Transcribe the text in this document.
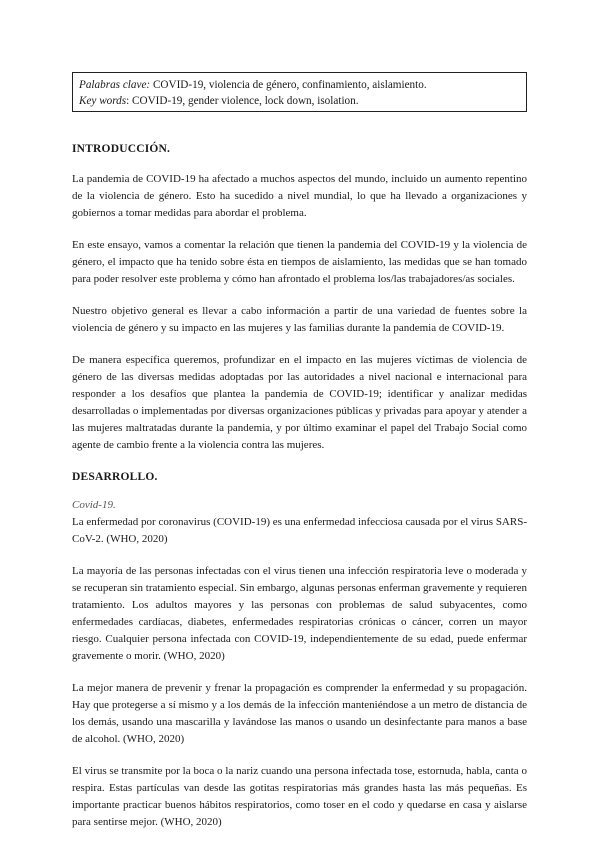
Palabras clave: COVID-19, violencia de género, confinamiento, aislamiento.
Key words: COVID-19, gender violence, lock down, isolation.
INTRODUCCIÓN.

La pandemia de COVID-19 ha afectado a muchos aspectos del mundo, incluido un aumento repentino de la violencia de género. Esto ha sucedido a nivel mundial, lo que ha llevado a organizaciones y gobiernos a tomar medidas para abordar el problema.

En este ensayo, vamos a comentar la relación que tienen la pandemia del COVID-19 y la violencia de género, el impacto que ha tenido sobre ésta en tiempos de aislamiento, las medidas que se han tomado para poder resolver este problema y cómo han afrontado el problema los/las trabajadores/as sociales.

Nuestro objetivo general es llevar a cabo información a partir de una variedad de fuentes sobre la violencia de género y su impacto en las mujeres y las familias durante la pandemia de COVID-19.

De manera específica queremos, profundizar en el impacto en las mujeres víctimas de violencia de género de las diversas medidas adoptadas por las autoridades a nivel nacional e internacional para responder a los desafíos que plantea la pandemia de COVID-19; identificar y analizar medidas desarrolladas o implementadas por diversas organizaciones públicas y privadas para apoyar y atender a las mujeres maltratadas durante la pandemia, y por último examinar el papel del Trabajo Social como agente de cambio frente a la violencia contra las mujeres.

DESARROLLO.

Covid-19.

La enfermedad por coronavirus (COVID-19) es una enfermedad infecciosa causada por el virus SARS-CoV-2. (WHO, 2020)

La mayoría de las personas infectadas con el virus tienen una infección respiratoria leve o moderada y se recuperan sin tratamiento especial. Sin embargo, algunas personas enferman gravemente y requieren tratamiento. Los adultos mayores y las personas con problemas de salud subyacentes, como enfermedades cardíacas, diabetes, enfermedades respiratorias crónicas o cáncer, corren un mayor riesgo. Cualquier persona infectada con COVID-19, independientemente de su edad, puede enfermar gravemente o morir. (WHO, 2020)

La mejor manera de prevenir y frenar la propagación es comprender la enfermedad y su propagación. Hay que protegerse a sí mismo y a los demás de la infección manteniéndose a un metro de distancia de los demás, usando una mascarilla y lavándose las manos o usando un desinfectante para manos a base de alcohol. (WHO, 2020)

El virus se transmite por la boca o la nariz cuando una persona infectada tose, estornuda, habla, canta o respira. Estas partículas van desde las gotitas respiratorias más grandes hasta las más pequeñas. Es importante practicar buenos hábitos respiratorios, como toser en el codo y quedarse en casa y aislarse para sentirse mejor. (WHO, 2020)
